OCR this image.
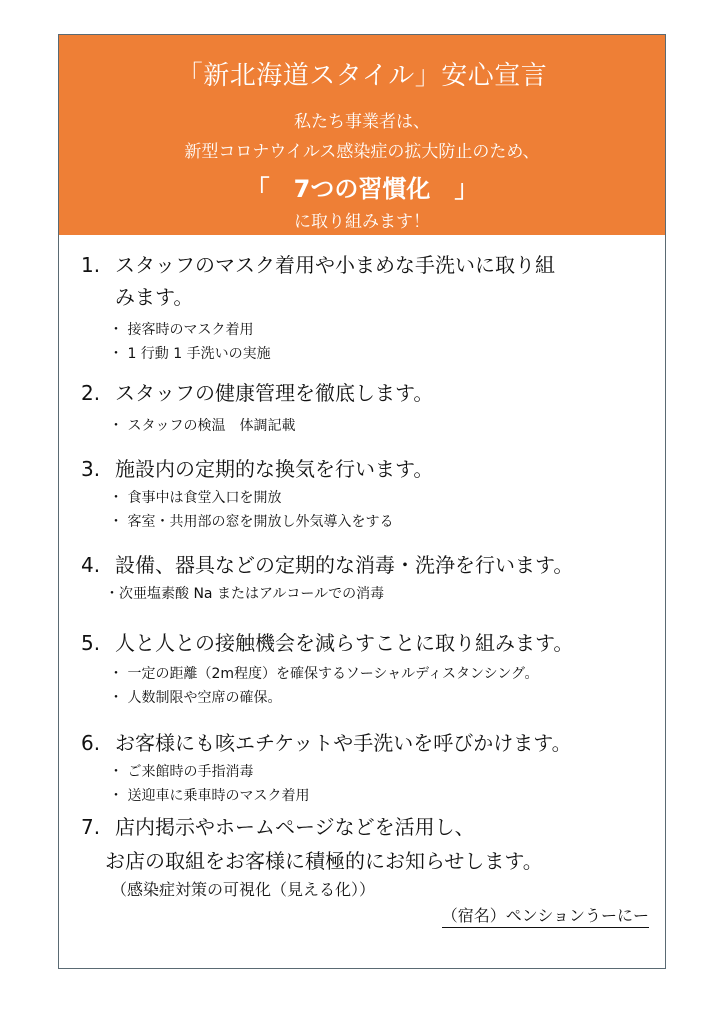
「新北海道スタイル」安心宣言
私たち事業者は、
新型コロナウイルス感染症の拡大防止のため、
「　7つの習慣化　」
に取り組みます！
1. スタッフのマスク着用や小まめな手洗いに取り組
みます。
・ 接客時のマスク着用
・ 1 行動 1 手洗いの実施
2. スタッフの健康管理を徹底します。
・ スタッフの検温　体調記載
3. 施設内の定期的な換気を行います。
・ 食事中は食堂入口を開放
・ 客室・共用部の窓を開放し外気導入をする
4. 設備、器具などの定期的な消毒・洗浄を行います。
・次亜塩素酸 Na またはアルコールでの消毒
5. 人と人との接触機会を減らすことに取り組みます。
・ 一定の距離（2m程度）を確保するソーシャルディスタンシング。
・ 人数制限や空席の確保。
6. お客様にも咳エチケットや手洗いを呼びかけます。
・ ご来館時の手指消毒
・ 送迎車に乗車時のマスク着用
7. 店内掲示やホームページなどを活用し、
お店の取組をお客様に積極的にお知らせします。
（感染症対策の可視化（見える化））
（宿名）ペンションうーにー
